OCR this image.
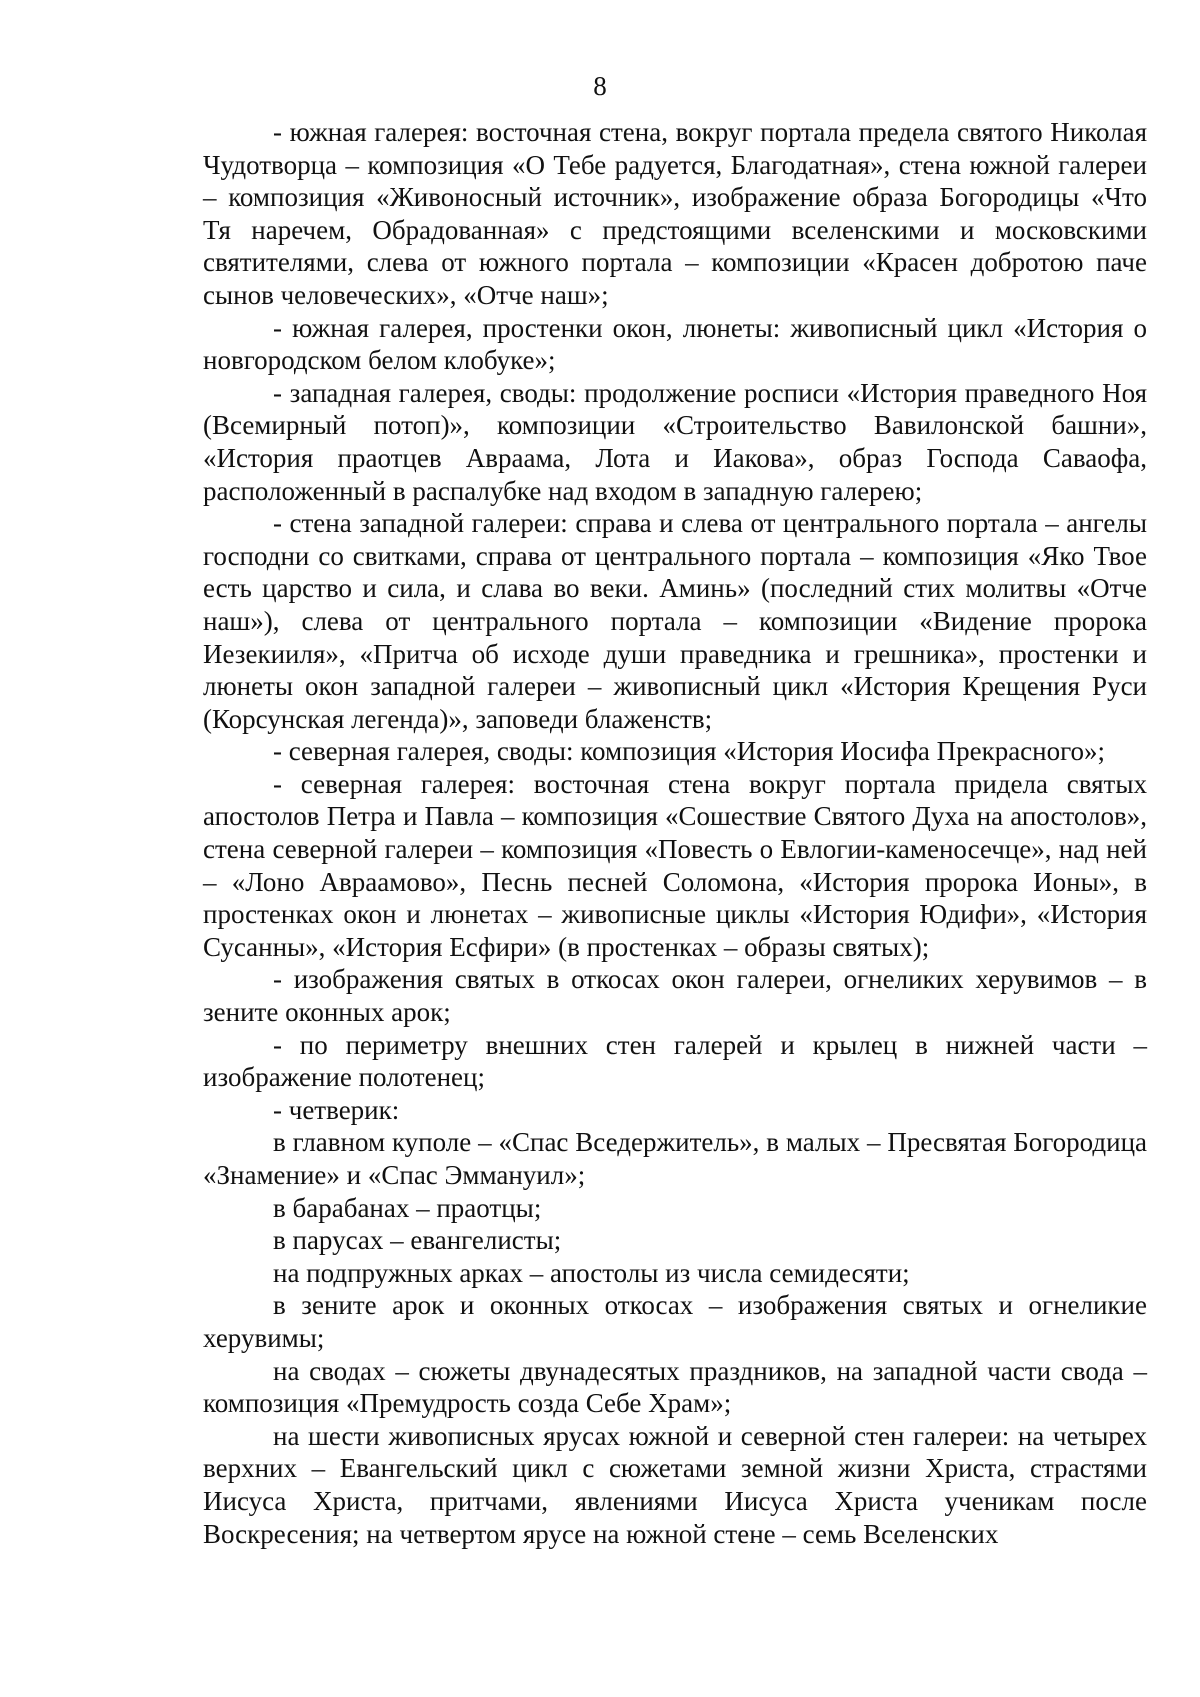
8

- южная галерея: восточная стена, вокруг портала предела святого Николая Чудотворца – композиция «О Тебе радуется, Благодатная», стена южной галереи – композиция «Живоносный источник», изображение образа Богородицы «Что Тя наречем, Обрадованная» с предстоящими вселенскими и московскими святителями, слева от южного портала – композиции «Красен добротою паче сынов человеческих», «Отче наш»;

- южная галерея, простенки окон, люнеты: живописный цикл «История о новгородском белом клобуке»;

- западная галерея, своды: продолжение росписи «История праведного Ноя (Всемирный потоп)», композиции «Строительство Вавилонской башни», «История праотцев Авраама, Лота и Иакова», образ Господа Саваофа, расположенный в распалубке над входом в западную галерею;

- стена западной галереи: справа и слева от центрального портала – ангелы господни со свитками, справа от центрального портала – композиция «Яко Твое есть царство и сила, и слава во веки. Аминь» (последний стих молитвы «Отче наш»), слева от центрального портала – композиции «Видение пророка Иезекииля», «Притча об исходе души праведника и грешника», простенки и люнеты окон западной галереи – живописный цикл «История Крещения Руси (Корсунская легенда)», заповеди блаженств;

- северная галерея, своды: композиция «История Иосифа Прекрасного»;

- северная галерея: восточная стена вокруг портала придела святых апостолов Петра и Павла – композиция «Сошествие Святого Духа на апостолов», стена северной галереи – композиция «Повесть о Евлогии-каменосечце», над ней – «Лоно Авраамово», Песнь песней Соломона, «История пророка Ионы», в простенках окон и люнетах – живописные циклы «История Юдифи», «История Сусанны», «История Есфири» (в простенках – образы святых);

- изображения святых в откосах окон галереи, огнеликих херувимов – в зените оконных арок;

- по периметру внешних стен галерей и крылец в нижней части – изображение полотенец;

- четверик:

в главном куполе – «Спас Вседержитель», в малых – Пресвятая Богородица «Знамение» и «Спас Эммануил»;

в барабанах – праотцы;

в парусах – евангелисты;

на подпружных арках – апостолы из числа семидесяти;

в зените арок и оконных откосах – изображения святых и огнеликие херувимы;

на сводах – сюжеты двунадесятых праздников, на западной части свода – композиция «Премудрость созда Себе Храм»;

на шести живописных ярусах южной и северной стен галереи: на четырех верхних – Евангельский цикл с сюжетами земной жизни Христа, страстями Иисуса Христа, притчами, явлениями Иисуса Христа ученикам после Воскресения; на четвертом ярусе на южной стене – семь Вселенских
